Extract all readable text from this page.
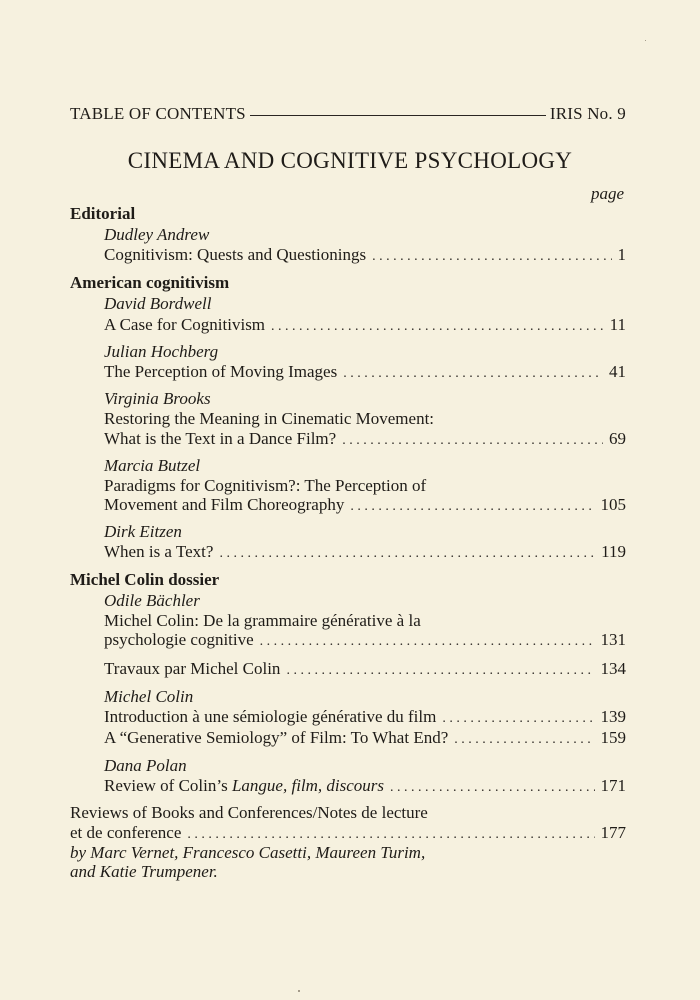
TABLE OF CONTENTS	IRIS No. 9
CINEMA AND COGNITIVE PSYCHOLOGY
page
Editorial
Dudley Andrew
Cognitivism: Quests and Questionings . . .	1
American cognitivism
David Bordwell
A Case for Cognitivism . . .	11
Julian Hochberg
The Perception of Moving Images . . .	41
Virginia Brooks
Restoring the Meaning in Cinematic Movement:
What is the Text in a Dance Film? . . .	69
Marcia Butzel
Paradigms for Cognitivism?: The Perception of
Movement and Film Choreography . . .	105
Dirk Eitzen
When is a Text? . . .	119
Michel Colin dossier
Odile Bächler
Michel Colin: De la grammaire générative à la
psychologie cognitive . . .	131
Travaux par Michel Colin . . .	134
Michel Colin
Introduction à une sémiologie générative du film . . .	139
A “Generative Semiology” of Film: To What End? . . .	159
Dana Polan
Review of Colin’s Langue, film, discours . . .	171
Reviews of Books and Conferences/Notes de lecture
et de conference . . .	177
by Marc Vernet, Francesco Casetti, Maureen Turim,
and Katie Trumpener.
